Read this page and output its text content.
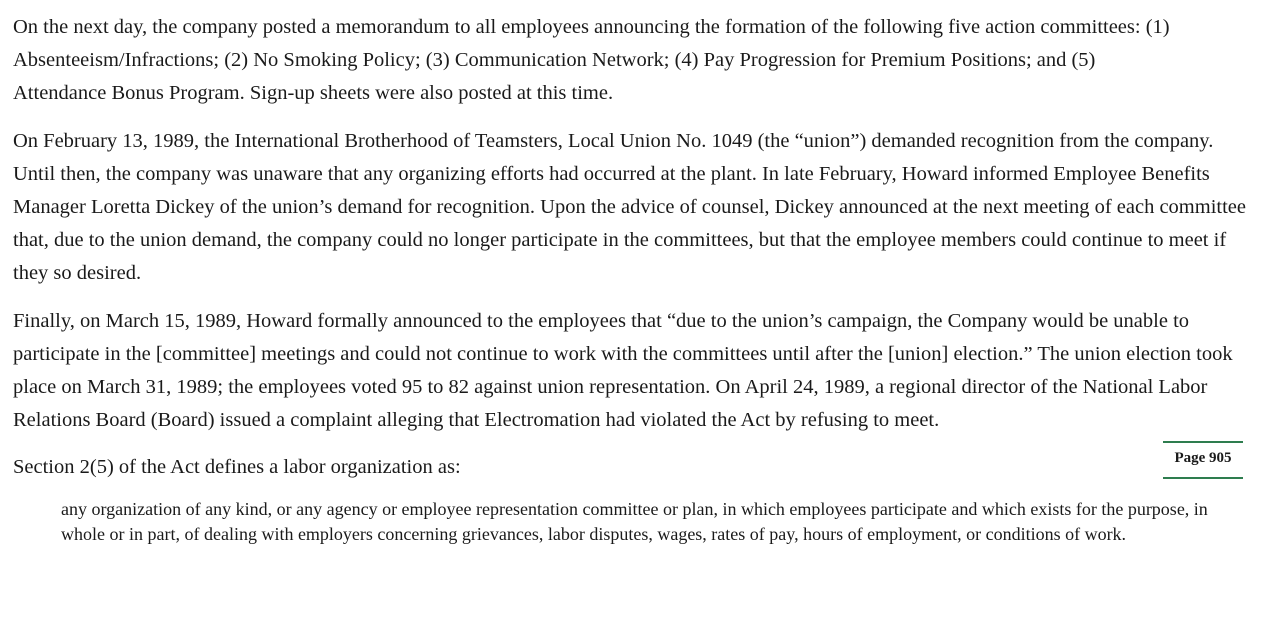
On the next day, the company posted a memorandum to all employees announcing the formation of the following five action committees: (1) Absenteeism/Infractions; (2) No Smoking Policy; (3) Communication Network; (4) Pay Progression for Premium Positions; and (5) Attendance Bonus Program. Sign-up sheets were also posted at this time.

On February 13, 1989, the International Brotherhood of Teamsters, Local Union No. 1049 (the “union”) demanded recognition from the company. Until then, the company was unaware that any organizing efforts had occurred at the plant. In late February, Howard informed Employee Benefits Manager Loretta Dickey of the union’s demand for recognition. Upon the advice of counsel, Dickey announced at the next meeting of each committee that, due to the union demand, the company could no longer participate in the committees, but that the employee members could continue to meet if they so desired.

Finally, on March 15, 1989, Howard formally announced to the employees that “due to the union’s campaign, the Company would be unable to participate in the [committee] meetings and could not continue to work with the committees until after the [union] election.” The union election took place on March 31, 1989; the employees voted 95 to 82 against union representation. On April 24, 1989, a regional director of the National Labor Relations Board (Board) issued a complaint alleging that Electromation had violated the Act by refusing to meet.

Section 2(5) of the Act defines a labor organization as:	Page 905

any organization of any kind, or any agency or employee representation committee or plan, in which employees participate and which exists for the purpose, in whole or in part, of dealing with employers concerning grievances, labor disputes, wages, rates of pay, hours of employment, or conditions of work.
